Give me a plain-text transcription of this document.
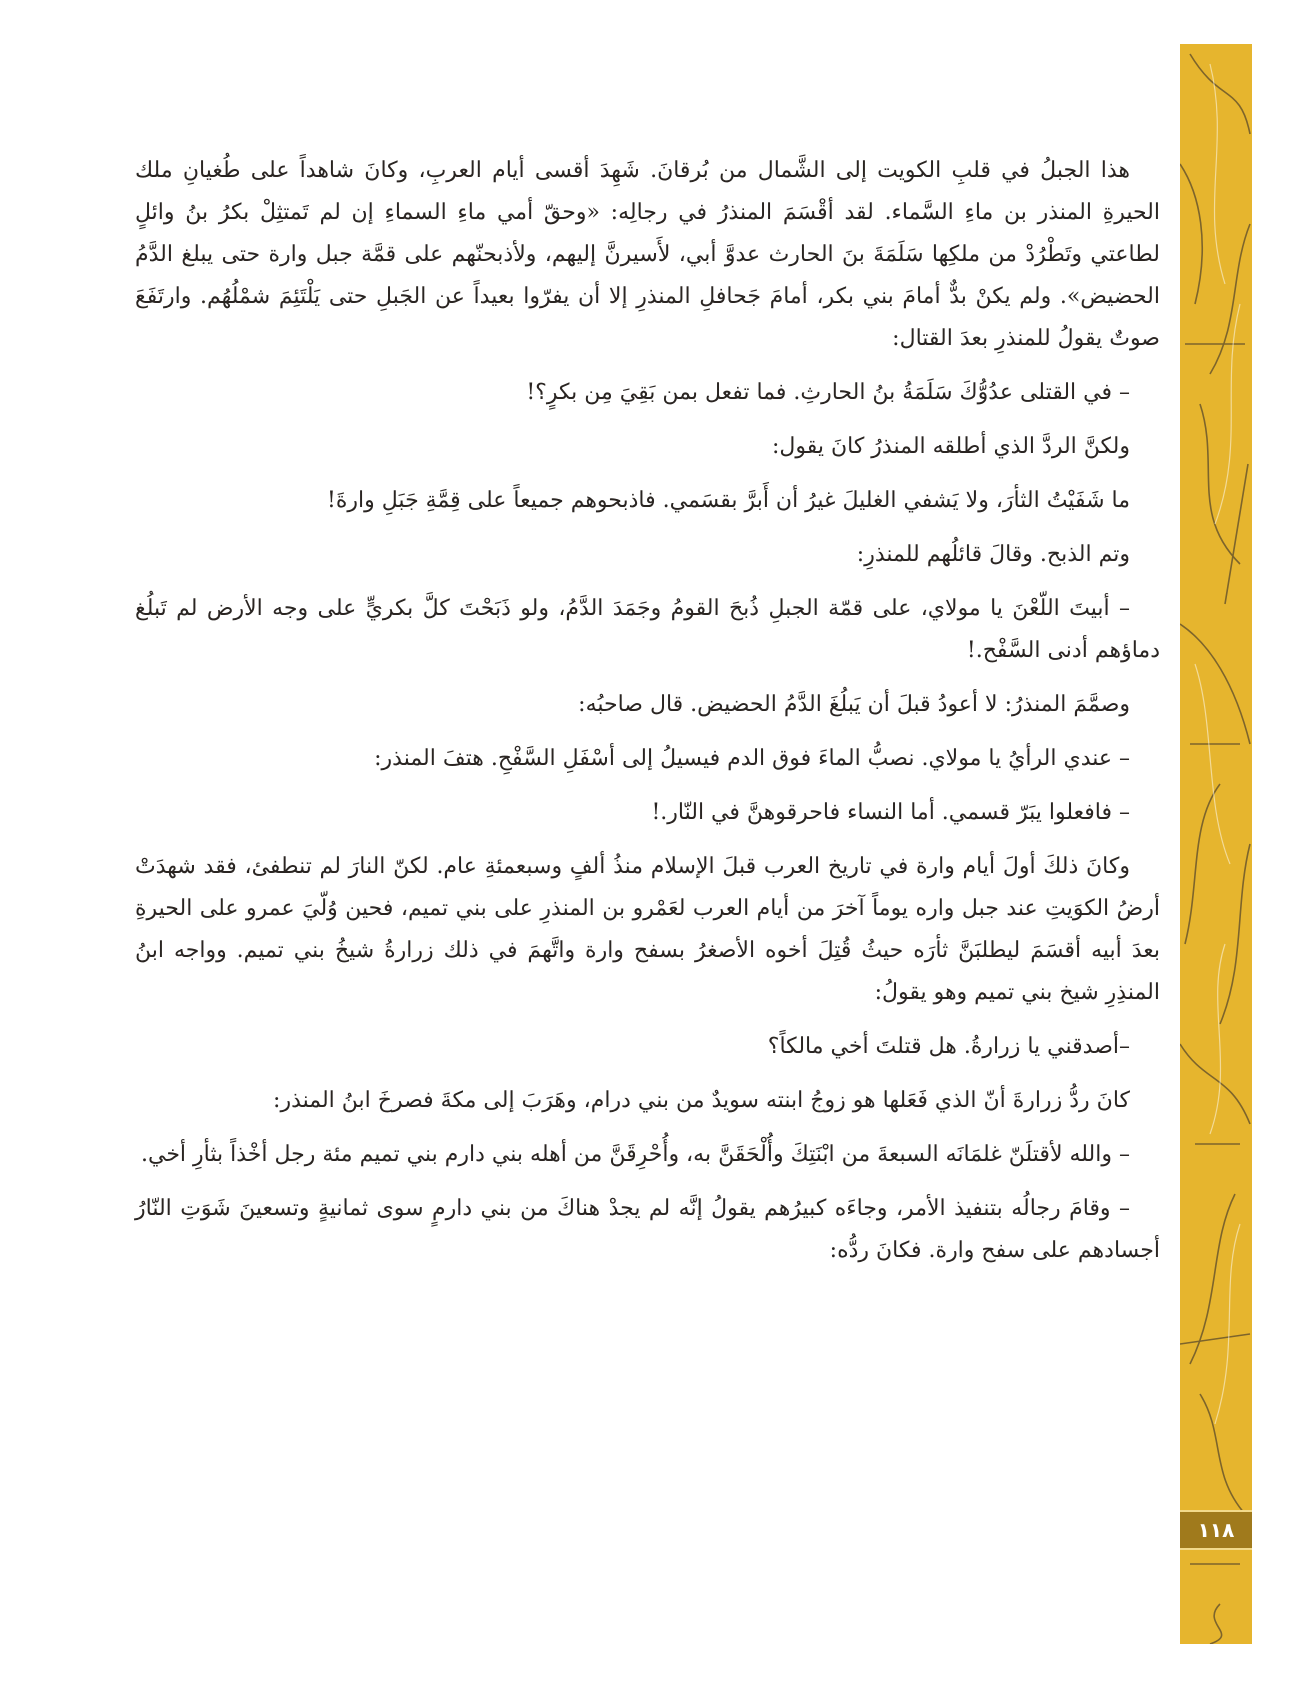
هذا الجبلُ في قلبِ الكويت إلى الشَّمال من بُرقانَ. شَهِدَ أقسى أيام العربِ، وكانَ شاهداً على طُغيانِ ملك الحيرةِ المنذر بن ماءِ السَّماء. لقد أقْسَمَ المنذرُ في رجالِه: «وحقّ أمي ماءِ السماءِ إن لم تَمتثِلْ بكرُ بنُ وائلٍ لطاعتي وتَطْرُدْ من ملكِها سَلَمَةَ بنَ الحارث عدوَّ أبي، لأَسيرنَّ إليهم، ولأذبحنّهم على قمَّة جبل وارة حتى يبلغ الدَّمُ الحضيض». ولم يكنْ بدٌّ أمامَ بني بكر، أمامَ جَحافلِ المنذرِ إلا أن يفرّوا بعيداً عن الجَبلِ حتى يَلْتَئِمَ شمْلُهُم. وارتَفَعَ صوتٌ يقولُ للمنذرِ بعدَ القتال:

– في القتلى عدُوُّكَ سَلَمَةُ بنُ الحارثِ. فما تفعل بمن بَقِيَ مِن بكرٍ؟!

ولكنَّ الردَّ الذي أطلقه المنذرُ كانَ يقول:

ما شَفَيْتُ الثأرَ، ولا يَشفي الغليلَ غيرُ أن أَبرَّ بقسَمي. فاذبحوهم جميعاً على قِمَّةِ جَبَلِ وارةَ!

وتم الذبح. وقالَ قائلُهم للمنذرِ:

– أبيتَ اللّعْنَ يا مولاي، على قمّة الجبلِ ذُبحَ القومُ وجَمَدَ الدَّمُ، ولو ذَبَحْتَ كلَّ بكريٍّ على وجه الأرض لم تَبلُغ دماؤهم أدنى السَّفْح.!

وصمَّمَ المنذرُ: لا أعودُ قبلَ أن يَبلُغَ الدَّمُ الحضيض. قال صاحبُه:

– عندي الرأيُ يا مولاي. نصبُّ الماءَ فوق الدم فيسيلُ إلى أسْفَلِ السَّفْحِ. هتفَ المنذر:

– فافعلوا يبَرّ قسمي. أما النساء فاحرقوهنَّ في النّار.!

وكانَ ذلكَ أولَ أيام وارة في تاريخ العرب قبلَ الإسلام منذُ ألفٍ وسبعمئةِ عام. لكنّ النارَ لم تنطفئ، فقد شهدَتْ أرضُ الكوَيتِ عند جبل واره يوماً آخرَ من أيام العرب لعَمْرو بن المنذرِ على بني تميم، فحين وُلّيَ عمرو على الحيرةِ بعدَ أبيه أقسَمَ ليطلبَنَّ ثأرَه حيثُ قُتِلَ أخوه الأصغرُ بسفح وارة واتَّهمَ في ذلك زرارةُ شيخُ بني تميم. وواجه ابنُ المنذِرِ شيخ بني تميم وهو يقولُ:

–أصدقني يا زرارةُ. هل قتلتَ أخي مالكاً؟

كانَ ردُّ زرارةَ أنّ الذي فَعَلها هو زوجُ ابنته سويدٌ من بني درام، وهَرَبَ إلى مكةَ فصرخَ ابنُ المنذر:

– والله لأقتلَنّ غلمَانَه السبعةَ من ابْنَتِكَ وأُلْحَقَنَّ به، وأُحْرِقَنَّ من أهله بني دارم بني تميم مئة رجل أخْذاً بثأرِ أخي.

– وقامَ رجالُه بتنفيذ الأمر، وجاءَه كبيرُهم يقولُ إنَّه لم يجدْ هناكَ من بني دارمٍ سوى ثمانيةٍ وتسعينَ شَوَتِ النّارُ أجسادهم على سفح وارة. فكانَ ردُّه:

١١٨
